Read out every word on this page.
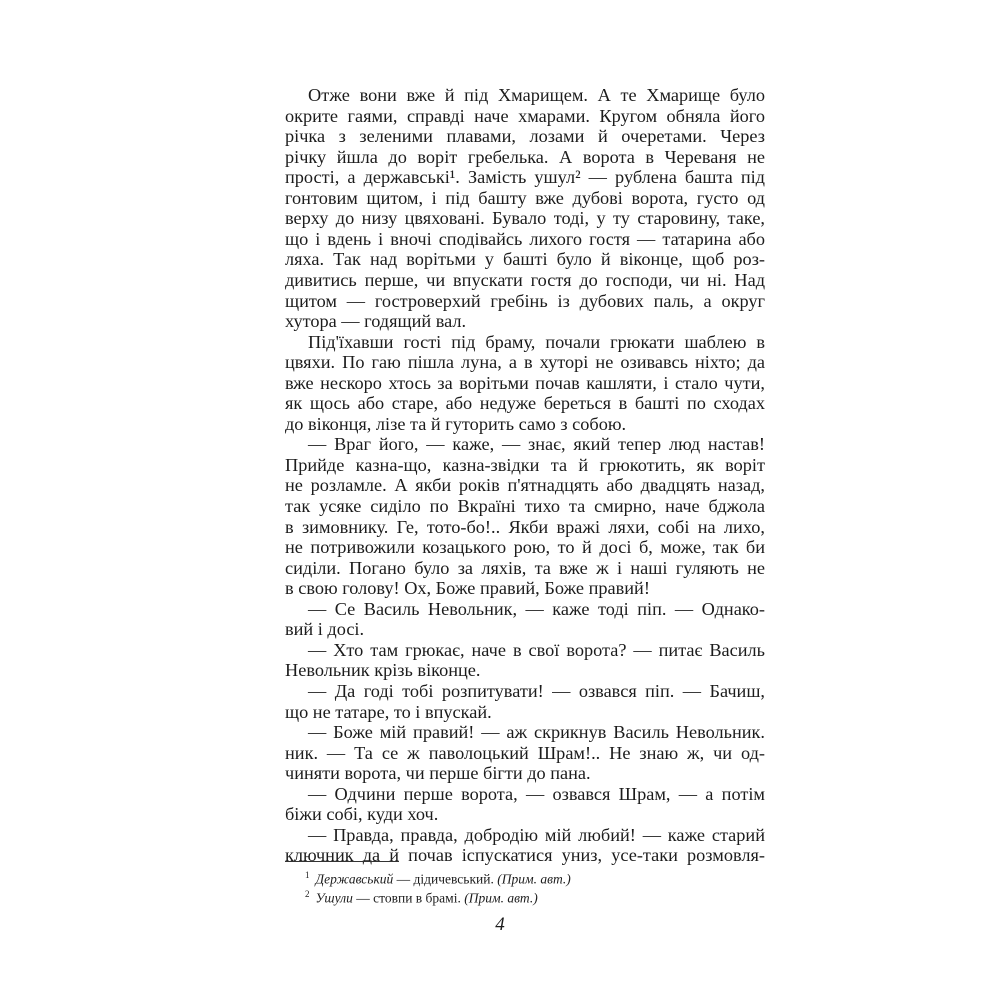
Отже вони вже й під Хмарищем. А те Хмарище було
окрите гаями, справді наче хмарами. Кругом обняла його
річка з зеленими плавами, лозами й очеретами. Через
річку йшла до воріт гребелька. А ворота в Череваня не
прості, а державські¹. Замість ушул² — рублена башта під
гонтовим щитом, і під башту вже дубові ворота, густо од
верху до низу цвяховані. Бувало тоді, у ту старовину, таке,
що і вдень і вночі сподівайсь лихого гостя — татарина або
ляха. Так над ворітьми у башті було й віконце, щоб роз-
дивитись перше, чи впускати гостя до господи, чи ні. Над
щитом — гостроверхий гребінь із дубових паль, а округ
хутора — годящий вал.
Під'їхавши гості під браму, почали грюкати шаблею в
цвяхи. По гаю пішла луна, а в хуторі не озивавсь ніхто; да
вже нескоро хтось за ворітьми почав кашляти, і стало чути,
як щось або старе, або недуже береться в башті по сходах
до віконця, лізе та й гуторить само з собою.
— Враг його, — каже, — знає, який тепер люд настав!
Прийде казна-що, казна-звідки та й грюкотить, як воріт
не розламле. А якби років п'ятнадцять або двадцять назад,
так усяке сиділо по Вкраїні тихо та смирно, наче бджола
в зимовнику. Ге, тото-бо!.. Якби вражі ляхи, собі на лихо,
не потривожили козацького рою, то й досі б, може, так би
сиділи. Погано було за ляхів, та вже ж і наші гуляють не
в свою голову! Ох, Боже правий, Боже правий!
— Се Василь Невольник, — каже тоді піп. — Однако-
вий і досі.
— Хто там грюкає, наче в свої ворота? — питає Василь
Невольник крізь віконце.
— Да годі тобі розпитувати! — озвався піп. — Бачиш,
що не татаре, то і впускай.
— Боже мій правий! — аж скрикнув Василь Невольник.
ник. — Та се ж паволоцький Шрам!.. Не знаю ж, чи од-
чиняти ворота, чи перше бігти до пана.
— Одчини перше ворота, — озвався Шрам, — а потім
біжи собі, куди хоч.
— Правда, правда, добродію мій любий! — каже старий
ключник да й почав іспускатися униз, усе-таки розмовля-
$^1$ Державський — дідичевський. (Прим. авт.)
$^2$ Ушули — стовпи в брамі. (Прим. авт.)
4
